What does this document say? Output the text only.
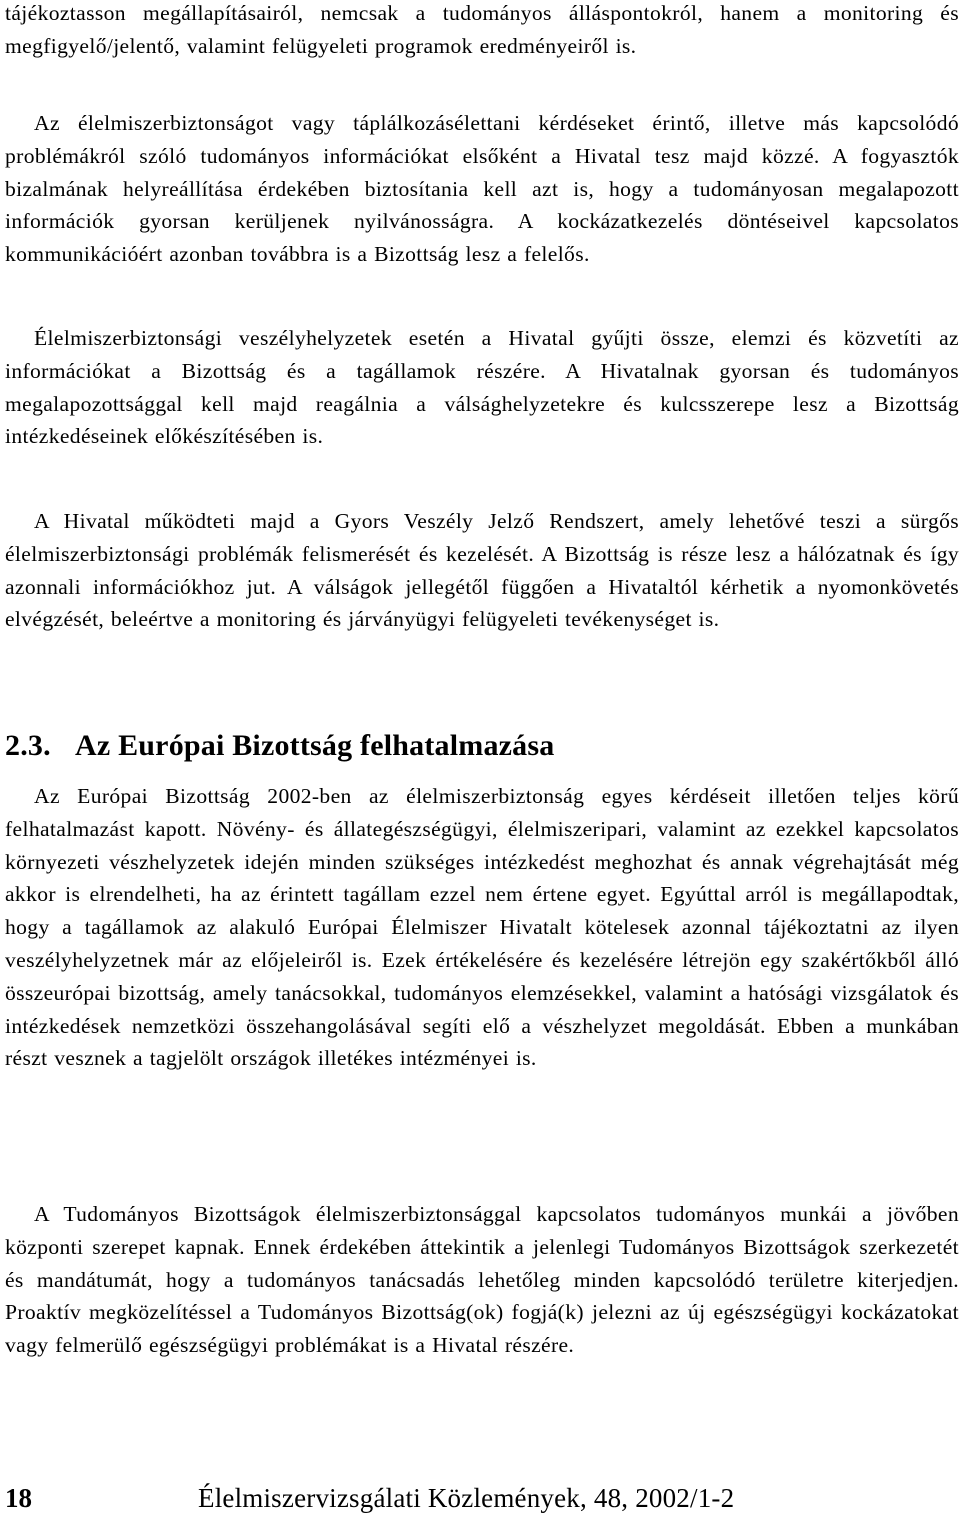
tájékoztasson megállapításairól, nemcsak a tudományos álláspontokról, hanem a monitoring és megfigyelő/jelentő, valamint felügyeleti programok eredményeiről is.

Az élelmiszerbiztonságot vagy táplálkozásélettani kérdéseket érintő, illetve más kapcsolódó problémákról szóló tudományos információkat elsőként a Hivatal tesz majd közzé. A fogyasztók bizalmának helyreállítása érdekében biztosítania kell azt is, hogy a tudományosan megalapozott információk gyorsan kerüljenek nyilvánosságra. A kockázatkezelés döntéseivel kapcsolatos kommunikációért azonban továbbra is a Bizottság lesz a felelős.

Élelmiszerbiztonsági veszélyhelyzetek esetén a Hivatal gyűjti össze, elemzi és közvetíti az információkat a Bizottság és a tagállamok részére. A Hivatalnak gyorsan és tudományos megalapozottsággal kell majd reagálnia a válsághelyzetekre és kulcsszerepe lesz a Bizottság intézkedéseinek előkészítésében is.

A Hivatal működteti majd a Gyors Veszély Jelző Rendszert, amely lehetővé teszi a sürgős élelmiszerbiztonsági problémák felismerését és kezelését. A Bizottság is része lesz a hálózatnak és így azonnali információkhoz jut. A válságok jellegétől függően a Hivataltól kérhetik a nyomonkövetés elvégzését, beleértve a monitoring és járványügyi felügyeleti tevékenységet is.

2.3. Az Európai Bizottság felhatalmazása

Az Európai Bizottság 2002-ben az élelmiszerbiztonság egyes kérdéseit illetően teljes körű felhatalmazást kapott. Növény- és állategészségügyi, élelmiszeripari, valamint az ezekkel kapcsolatos környezeti vészhelyzetek idején minden szükséges intézkedést meghozhat és annak végrehajtását még akkor is elrendelheti, ha az érintett tagállam ezzel nem értene egyet. Egyúttal arról is megállapodtak, hogy a tagállamok az alakuló Európai Élelmiszer Hivatalt kötelesek azonnal tájékoztatni az ilyen veszélyhelyzetnek már az előjeleiről is. Ezek értékelésére és kezelésére létrejön egy szakértőkből álló összeurópai bizottság, amely tanácsokkal, tudományos elemzésekkel, valamint a hatósági vizsgálatok és intézkedések nemzetközi összehangolásával segíti elő a vészhelyzet megoldását. Ebben a munkában részt vesznek a tagjelölt országok illetékes intézményei is.

A Tudományos Bizottságok élelmiszerbiztonsággal kapcsolatos tudományos munkái a jövőben központi szerepet kapnak. Ennek érdekében áttekintik a jelenlegi Tudományos Bizottságok szerkezetét és mandátumát, hogy a tudományos tanácsadás lehetőleg minden kapcsolódó területre kiterjedjen. Proaktív megközelítéssel a Tudományos Bizottság(ok) fogjá(k) jelezni az új egészségügyi kockázatokat vagy felmerülő egészségügyi problémákat is a Hivatal részére.

18	Élelmiszervizsgálati Közlemények, 48, 2002/1-2
